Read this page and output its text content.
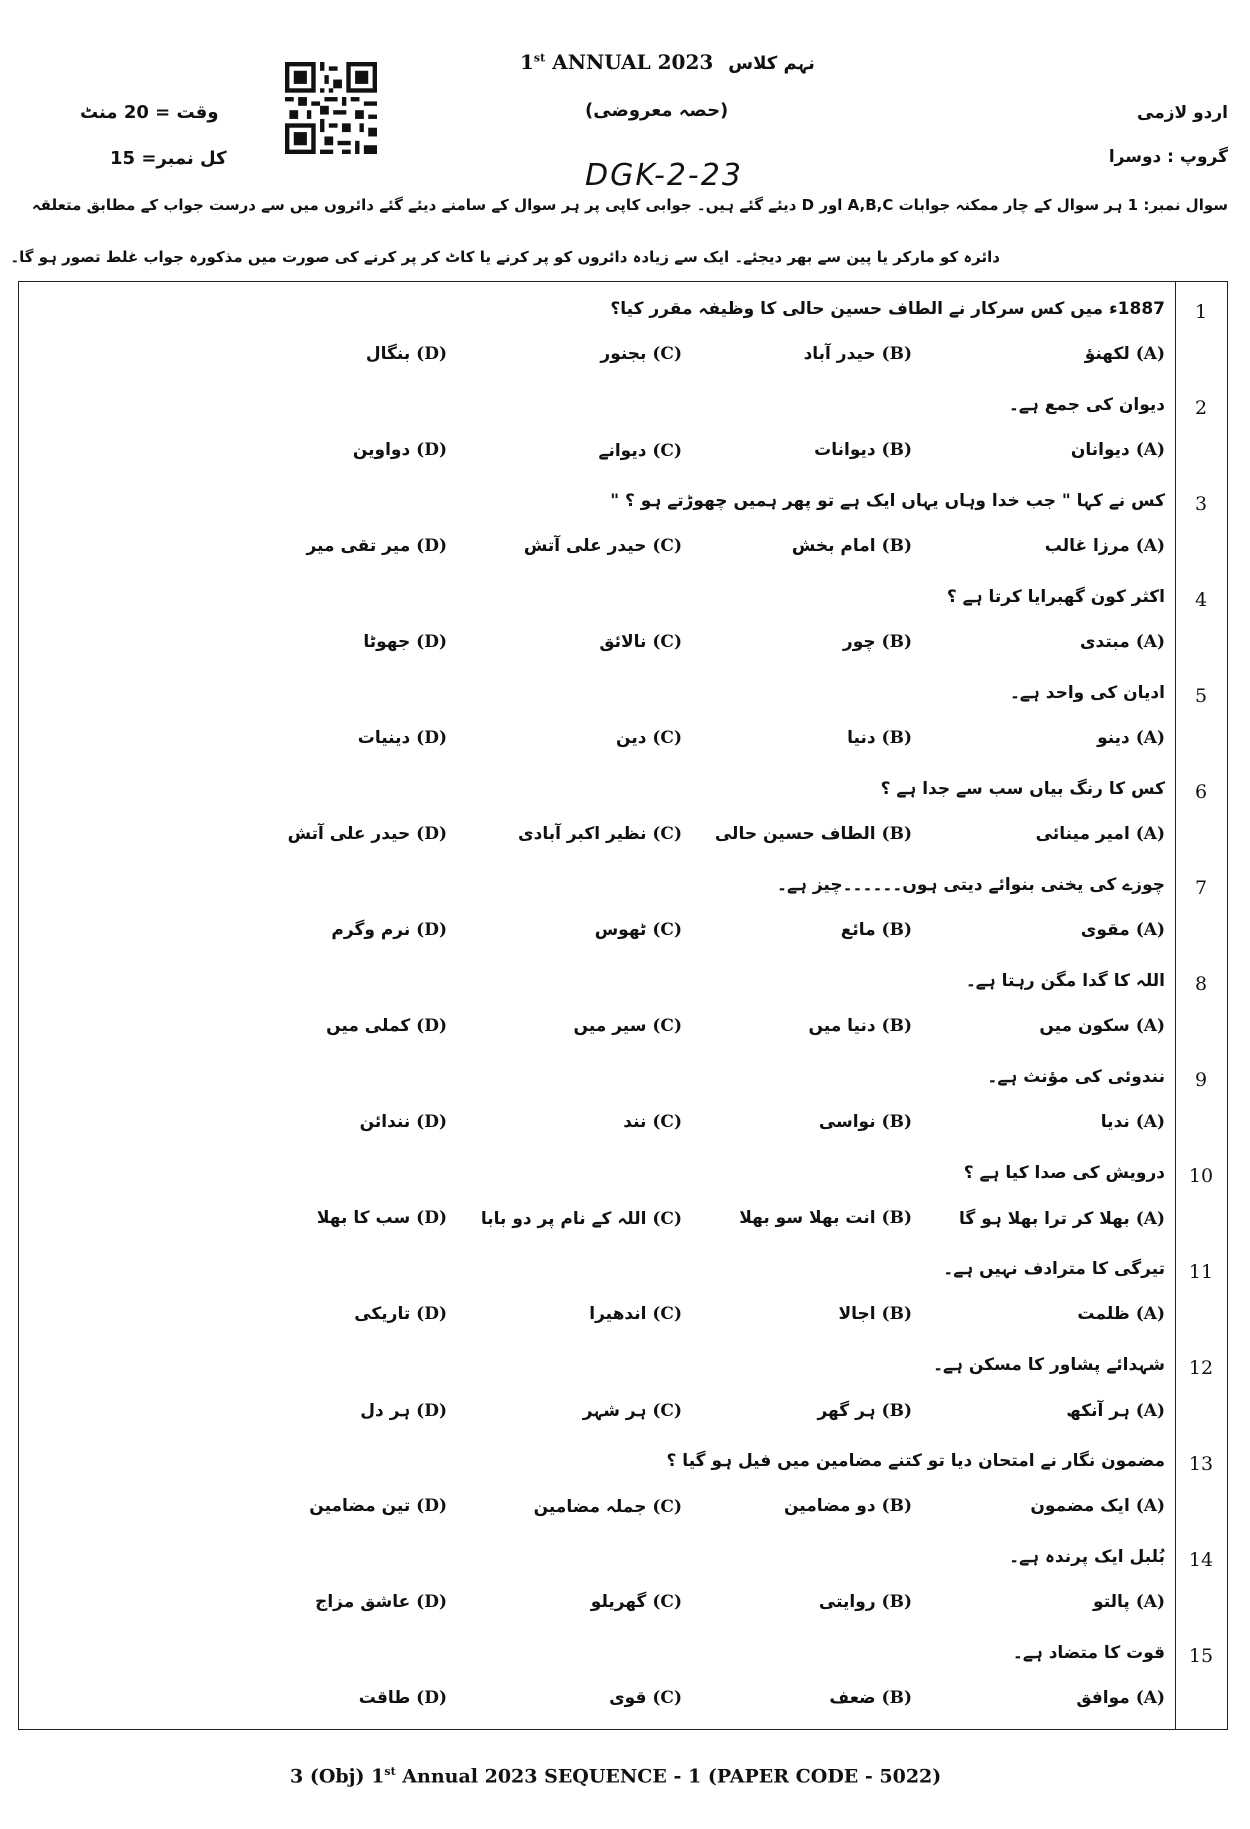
1st ANNUAL 2023 نہم کلاس
(حصہ معروضی)	اردو لازمی
وقت = 20 منٹ
گروپ : دوسرا
کل نمبر= 15	DGK-2-23
سوال نمبر: 1 ہر سوال کے چار ممکنہ جوابات A,B,C اور D دیئے گئے ہیں۔ جوابی کاپی پر ہر سوال کے سامنے دیئے گئے دائروں میں سے درست جواب کے مطابق متعلقہ
دائرہ کو مارکر یا پین سے بھر دیجئے۔ ایک سے زیادہ دائروں کو پر کرنے یا کاٹ کر پر کرنے کی صورت میں مذکورہ جواب غلط تصور ہو گا۔
1
1887ء میں کس سرکار نے الطاف حسین حالی کا وظیفہ مقرر کیا؟
(A) لکھنؤ
(B) حیدر آباد
(C) بجنور
(D) بنگال
2
دیوان کی جمع ہے۔
(A) دیوانان
(B) دیوانات
(C) دیوانے
(D) دواوین
3
کس نے کہا " جب خدا وہاں یہاں ایک ہے تو پھر ہمیں چھوڑتے ہو ؟ "
(A) مرزا غالب
(B) امام بخش
(C) حیدر علی آتش
(D) میر تقی میر
4
اکثر کون گھبرایا کرتا ہے ؟
(A) مبتدی
(B) چور
(C) نالائق
(D) جھوٹا
5
ادیان کی واحد ہے۔
(A) دینو
(B) دنیا
(C) دین
(D) دینیات
6
کس کا رنگ بیاں سب سے جدا ہے ؟
(A) امیر مینائی
(B) الطاف حسین حالی
(C) نظیر اکبر آبادی
(D) حیدر علی آتش
7
چوزے کی یخنی بنوائے دیتی ہوں۔۔۔۔۔۔چیز ہے۔
(A) مقوی
(B) مائع
(C) ٹھوس
(D) نرم وگرم
8
اللہ کا گدا مگن رہتا ہے۔
(A) سکون میں
(B) دنیا میں
(C) سیر میں
(D) کملی میں
9
نندوئی کی مؤنث ہے۔
(A) ندیا
(B) نواسی
(C) نند
(D) نندائن
10
درویش کی صدا کیا ہے ؟
(A) بھلا کر ترا بھلا ہو گا
(B) انت بھلا سو بھلا
(C) اللہ کے نام پر دو بابا
(D) سب کا بھلا
11
تیرگی کا مترادف نہیں ہے۔
(A) ظلمت
(B) اجالا
(C) اندھیرا
(D) تاریکی
12
شہدائے پشاور کا مسکن ہے۔
(A) ہر آنکھ
(B) ہر گھر
(C) ہر شہر
(D) ہر دل
13
مضمون نگار نے امتحان دیا تو کتنے مضامین میں فیل ہو گیا ؟
(A) ایک مضمون
(B) دو مضامین
(C) جملہ مضامین
(D) تین مضامین
14
بُلبل ایک پرندہ ہے۔
(A) پالتو
(B) روایتی
(C) گھریلو
(D) عاشق مزاج
15
قوت کا متضاد ہے۔
(A) موافق
(B) ضعف
(C) قوی
(D) طاقت
3 (Obj) 1st Annual 2023 SEQUENCE - 1 (PAPER CODE - 5022)
